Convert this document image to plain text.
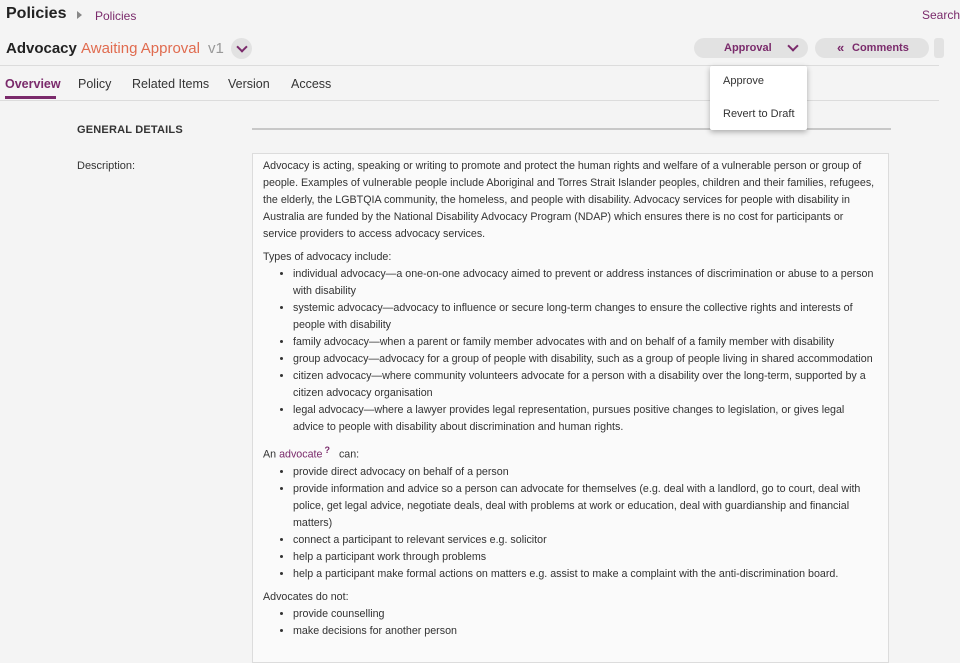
Policies Policies	Search
Advocacy Awaiting Approval v1	Approval	« Comments
Overview Policy Related Items Version Access
GENERAL DETAILS
Description:	Advocacy is acting, speaking or writing to promote and protect the human rights and welfare of a vulnerable person or group of people. Examples of vulnerable people include Aboriginal and Torres Strait Islander peoples, children and their families, refugees, the elderly, the LGBTQIA community, the homeless, and people with disability. Advocacy services for people with disability in Australia are funded by the National Disability Advocacy Program (NDAP) which ensures there is no cost for participants or service providers to access advocacy services.

Types of advocacy include:
• individual advocacy—a one-on-one advocacy aimed to prevent or address instances of discrimination or abuse to a person with disability
• systemic advocacy—advocacy to influence or secure long-term changes to ensure the collective rights and interests of people with disability
• family advocacy—when a parent or family member advocates with and on behalf of a family member with disability
• group advocacy—advocacy for a group of people with disability, such as a group of people living in shared accommodation
• citizen advocacy—where community volunteers advocate for a person with a disability over the long-term, supported by a citizen advocacy organisation
• legal advocacy—where a lawyer provides legal representation, pursues positive changes to legislation, or gives legal advice to people with disability about discrimination and human rights.
An advocate ? can:
• provide direct advocacy on behalf of a person
• provide information and advice so a person can advocate for themselves (e.g. deal with a landlord, go to court, deal with police, get legal advice, negotiate deals, deal with problems at work or education, deal with guardianship and financial matters)
• connect a participant to relevant services e.g. solicitor
• help a participant work through problems
• help a participant make formal actions on matters e.g. assist to make a complaint with the anti-discrimination board.
Advocates do not:
• provide counselling
• make decisions for another person
Approve
Revert to Draft
